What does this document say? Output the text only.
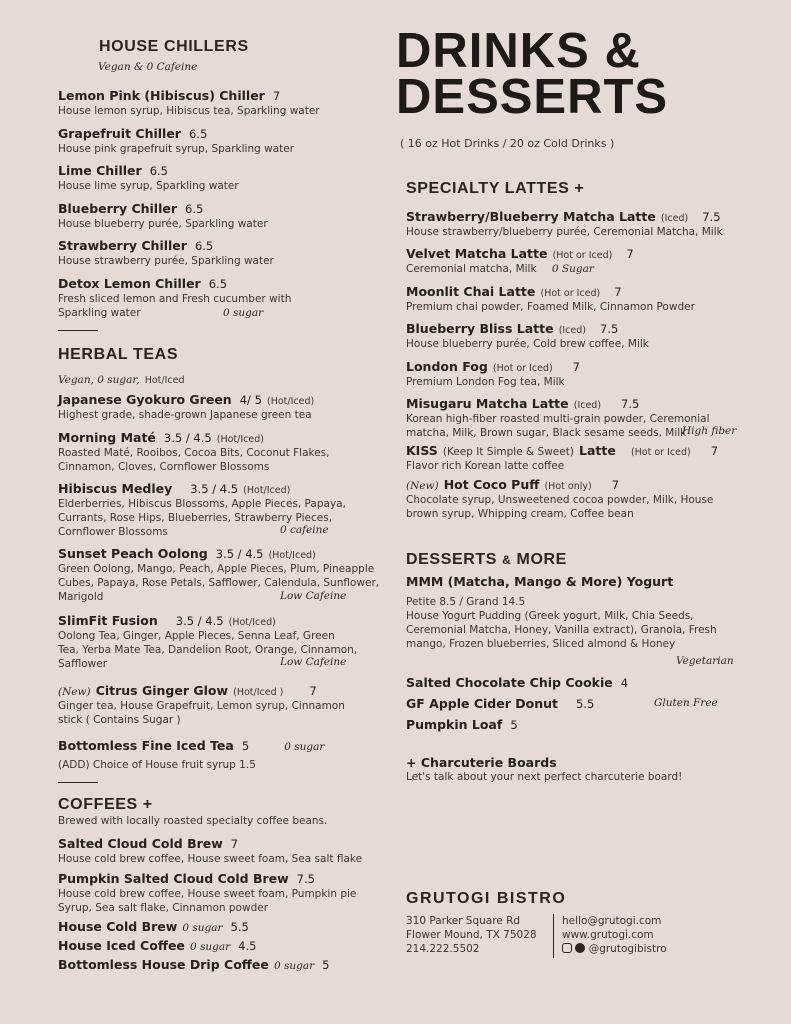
DRINKS &
DESSERTS
( 16 oz Hot Drinks / 20 oz Cold Drinks )
HOUSE CHILLERS
Vegan & 0 Cafeine
Lemon Pink (Hibiscus) Chiller 7
House lemon syrup, Hibiscus tea, Sparkling water
Grapefruit Chiller 6.5
House pink grapefruit syrup, Sparkling water
Lime Chiller 6.5
House lime syrup, Sparkling water
Blueberry Chiller 6.5
House blueberry purée, Sparkling water
Strawberry Chiller 6.5
House strawberry purée, Sparkling water
Detox Lemon Chiller 6.5
Fresh sliced lemon and Fresh cucumber with Sparkling water	0 sugar
HERBAL TEAS
Vegan, 0 sugar, Hot/Iced
Japanese Gyokuro Green 4/ 5 (Hot/Iced)
Highest grade, shade-grown Japanese green tea
Morning Maté 3.5 / 4.5 (Hot/Iced)
Roasted Maté, Rooibos, Cocoa Bits, Coconut Flakes, Cinnamon, Cloves, Cornflower Blossoms
Hibiscus Medley 3.5 / 4.5 (Hot/Iced)
Elderberries, Hibiscus Blossoms, Apple Pieces, Papaya, Currants, Rose Hips, Blueberries, Strawberry Pieces, Cornflower Blossoms	0 cafeine
Sunset Peach Oolong 3.5 / 4.5 (Hot/Iced)
Green Oolong, Mango, Peach, Apple Pieces, Plum, Pineapple Cubes, Papaya, Rose Petals, Safflower, Calendula, Sunflower, Marigold	Low Cafeine
SlimFit Fusion 3.5 / 4.5 (Hot/Iced)
Oolong Tea, Ginger, Apple Pieces, Senna Leaf, Green Tea, Yerba Mate Tea, Dandelion Root, Orange, Cinnamon, Safflower	Low Cafeine
(New) Citrus Ginger Glow (Hot/Iced ) 7
Ginger tea, House Grapefruit, Lemon syrup, Cinnamon stick ( Contains Sugar )
Bottomless Fine Iced Tea 5	0 sugar
(ADD) Choice of House fruit syrup 1.5
COFFEES +
Brewed with locally roasted specialty coffee beans.
Salted Cloud Cold Brew 7
House cold brew coffee, House sweet foam, Sea salt flake
Pumpkin Salted Cloud Cold Brew 7.5
House cold brew coffee, House sweet foam, Pumpkin pie Syrup, Sea salt flake, Cinnamon powder
House Cold Brew 0 sugar 5.5
House Iced Coffee 0 sugar 4.5
Bottomless House Drip Coffee 0 sugar 5
SPECIALTY LATTES +
Strawberry/Blueberry Matcha Latte (Iced) 7.5
House strawberry/blueberry purée, Ceremonial Matcha, Milk
Velvet Matcha Latte (Hot or Iced) 7
Ceremonial matcha, Milk 0 Sugar
Moonlit Chai Latte (Hot or Iced) 7
Premium chai powder, Foamed Milk, Cinnamon Powder
Blueberry Bliss Latte (Iced) 7.5
House blueberry purée, Cold brew coffee, Milk
London Fog (Hot or Iced) 7
Premium London Fog tea, Milk
Misugaru Matcha Latte (Iced) 7.5
Korean high-fiber roasted multi-grain powder, Ceremonial matcha, Milk, Brown sugar, Black sesame seeds, Milk
High fiber
KISS (Keep It Simple & Sweet) Latte (Hot or Iced) 7
Flavor rich Korean latte coffee
(New) Hot Coco Puff (Hot only) 7
Chocolate syrup, Unsweetened cocoa powder, Milk, House brown syrup, Whipping cream, Coffee bean
DESSERTS & MORE
MMM (Matcha, Mango & More) Yogurt
Petite 8.5 / Grand 14.5
House Yogurt Pudding (Greek yogurt, Milk, Chia Seeds, Ceremonial Matcha, Honey, Vanilla extract), Granola, Fresh mango, Frozen blueberries, Sliced almond & Honey
Vegetarian
Salted Chocolate Chip Cookie 4
GF Apple Cider Donut 5.5	Gluten Free
Pumpkin Loaf 5
+ Charcuterie Boards
Let's talk about your next perfect charcuterie board!
GRUTOGI BISTRO
310 Parker Square Rd
Flower Mound, TX 75028
214.222.5502
hello@grutogi.com
www.grutogi.com
@grutogibistro
